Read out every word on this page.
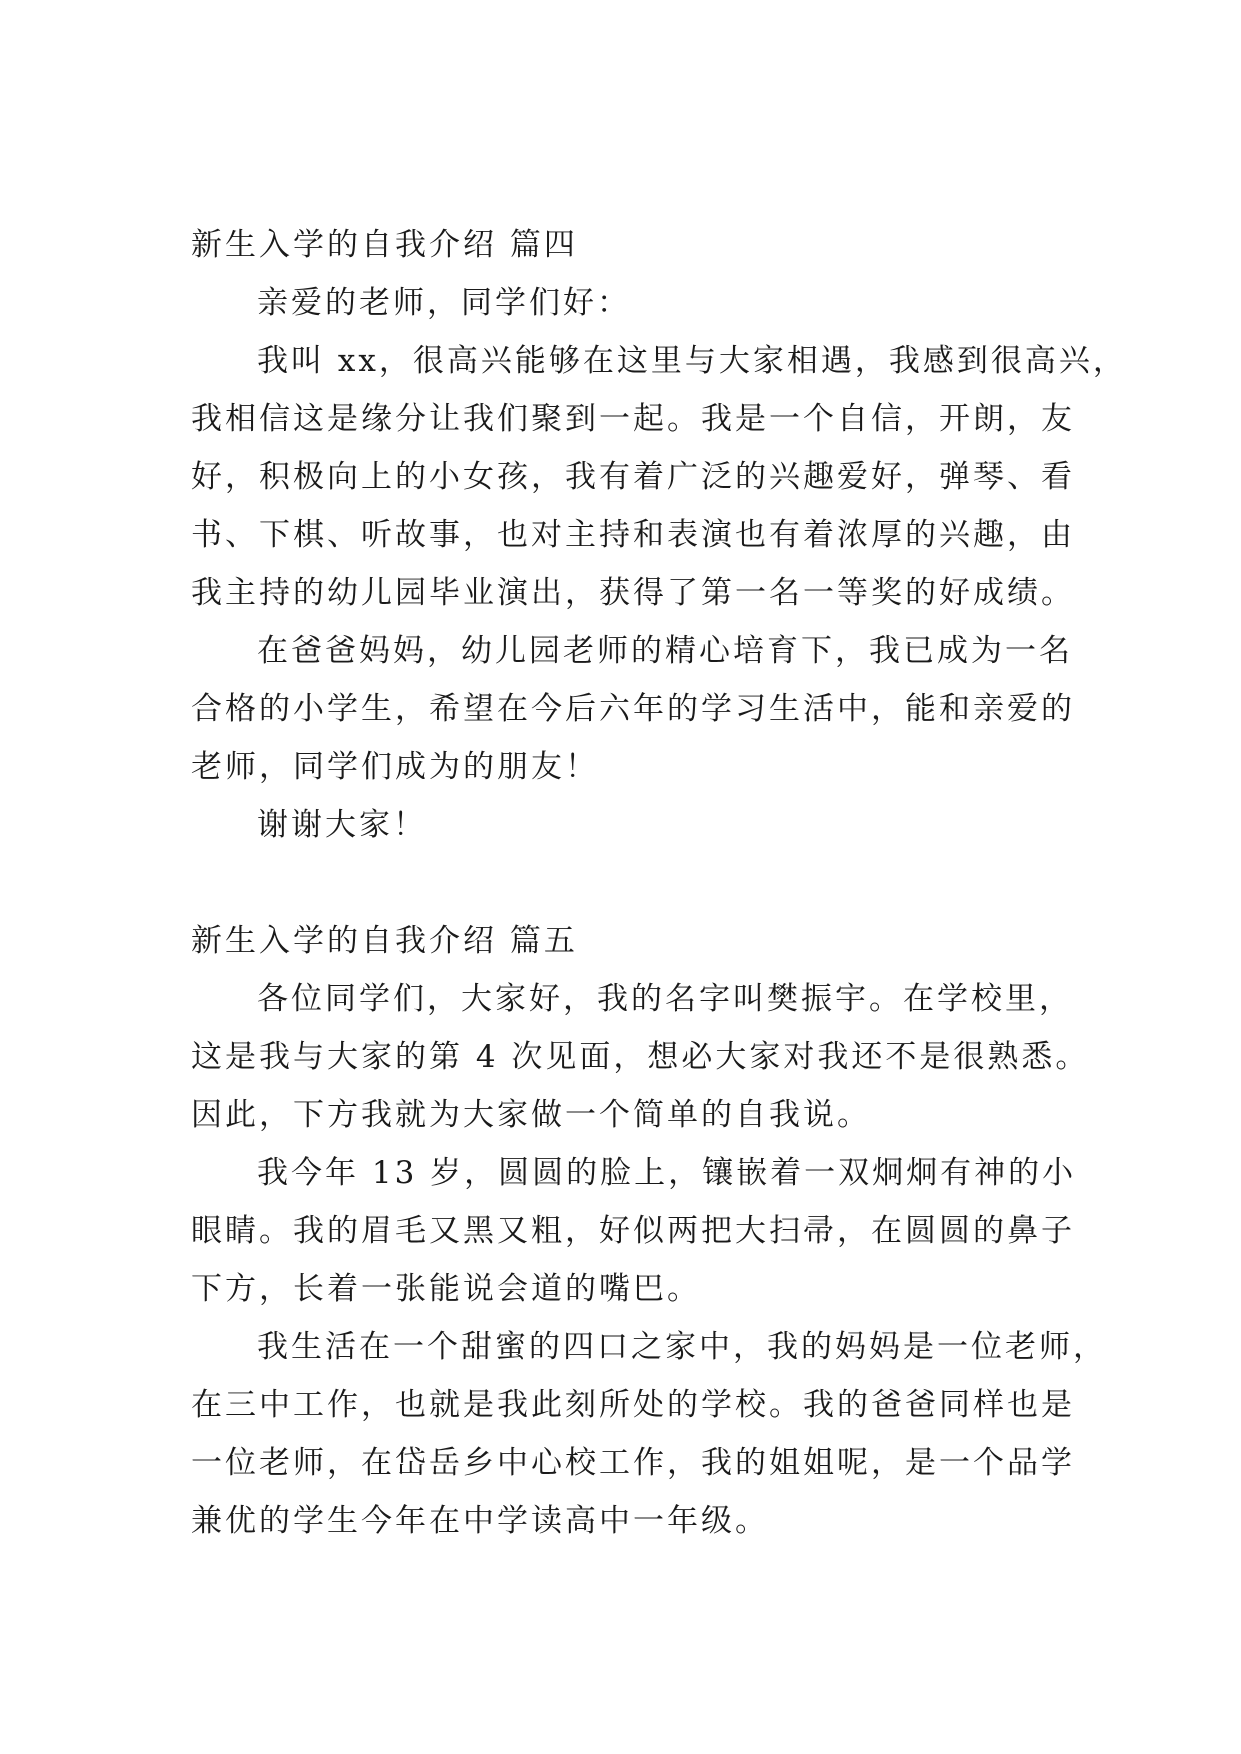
新生入学的自我介绍 篇四
亲爱的老师，同学们好：
我叫 xx，很高兴能够在这里与大家相遇，我感到很高兴，
我相信这是缘分让我们聚到一起。我是一个自信，开朗，友
好，积极向上的小女孩，我有着广泛的兴趣爱好，弹琴、看
书、下棋、听故事，也对主持和表演也有着浓厚的兴趣，由
我主持的幼儿园毕业演出，获得了第一名一等奖的好成绩。
在爸爸妈妈，幼儿园老师的精心培育下，我已成为一名
合格的小学生，希望在今后六年的学习生活中，能和亲爱的
老师，同学们成为的朋友！
谢谢大家！
新生入学的自我介绍 篇五
各位同学们，大家好，我的名字叫樊振宇。在学校里，
这是我与大家的第 4 次见面，想必大家对我还不是很熟悉。
因此，下方我就为大家做一个简单的自我说。
我今年 13 岁，圆圆的脸上，镶嵌着一双炯炯有神的小
眼睛。我的眉毛又黑又粗，好似两把大扫帚，在圆圆的鼻子
下方，长着一张能说会道的嘴巴。
我生活在一个甜蜜的四口之家中，我的妈妈是一位老师，
在三中工作，也就是我此刻所处的学校。我的爸爸同样也是
一位老师，在岱岳乡中心校工作，我的姐姐呢，是一个品学
兼优的学生今年在中学读高中一年级。
